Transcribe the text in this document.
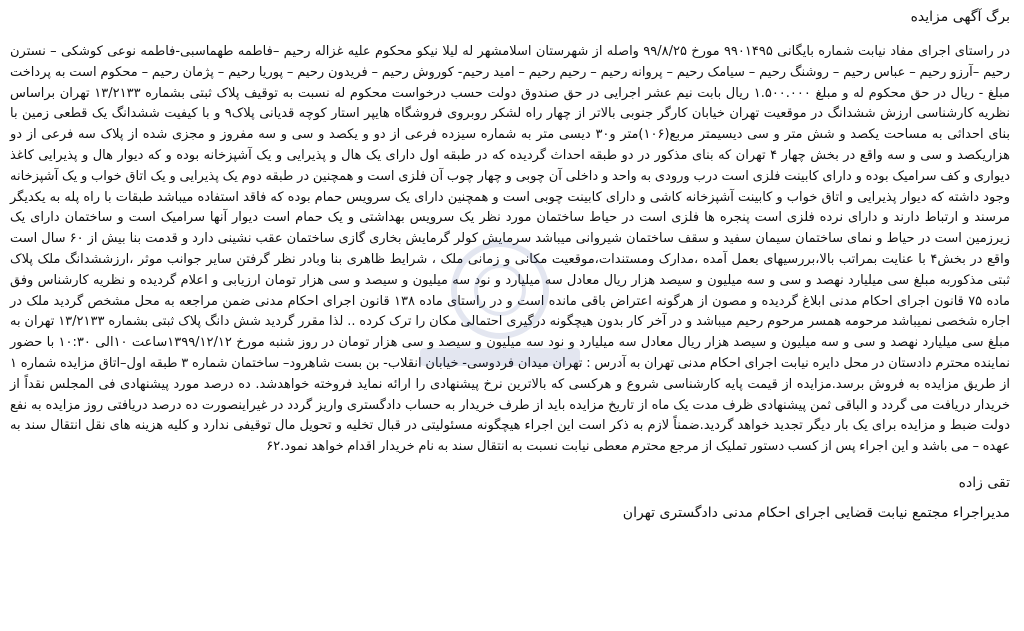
برگ آگهی مزایده

در راستای اجرای مفاد نیابت شماره بایگانی ۹۹۰۱۴۹۵ مورخ ۹۹/۸/۲۵ واصله از شهرستان اسلامشهر له لیلا نیکو محکوم علیه غزاله رحیم –فاطمه طهماسبی-فاطمه نوعی کوشکی – نسترن رحیم –آرزو رحیم – عباس رحیم – روشنگ رحیم – سیامک رحیم – پروانه رحیم – رحیم رحیم – امید رحیم- کوروش رحیم – فریدون رحیم – پوریا رحیم – پژمان رحیم – محکوم است به پرداخت مبلغ - ریال در حق محکوم له و مبلغ ۱.۵۰۰.۰۰۰ ریال بابت نیم عشر اجرایی در حق صندوق دولت حسب درخواست محکوم له نسبت به توقیف پلاک ثبتی بشماره ۱۳/۲۱۳۳ تهران براساس نظریه کارشناسی ارزش ششدانگ در موقعیت تهران خیابان کارگر جنوبی بالاتر از چهار راه لشکر روبروی فروشگاه هایپر استار کوچه قدیانی پلاک۹ و با کیفیت ششدانگ یک قطعی زمین با بنای احداثی به مساحت یکصد و شش متر و سی دیسیمتر مربع(۱۰۶)متر و۳۰ دیسی متر به شماره سیزده فرعی از دو و یکصد و سی و سه مفروز و مجزی شده از پلاک سه فرعی از دو هزاریکصد و سی و سه واقع در بخش چهار ۴ تهران که بنای مذکور در دو طبقه احداث گردیده که در طبقه اول دارای یک هال و پذیرایی و یک آشپزخانه بوده و که دیوار هال و پذیرایی کاغذ دیواری و کف سرامیک بوده و دارای کابینت فلزی است درب ورودی به واحد و داخلی آن چوبی و چهار چوب آن فلزی است و همچنین در طبقه دوم یک پذیرایی و یک اتاق خواب و یک آشپزخانه وجود داشته که دیوار پذیرایی و اتاق خواب و کابینت آشپزخانه کاشی و دارای کابینت چوبی است و همچنین دارای یک سرویس حمام بوده که فاقد استفاده میباشد طبقات با راه پله به یکدیگر مرسند و ارتباط دارند و دارای نرده فلزی است پنجره ها فلزی است در حیاط ساختمان مورد نظر یک سرویس بهداشتی و یک حمام است دیوار آنها سرامیک است و ساختمان دارای یک زیرزمین است در حیاط و نمای ساختمان سیمان سفید و سقف ساختمان شیروانی میباشد سرمایش کولر گرمایش بخاری گازی ساختمان عقب نشینی دارد و قدمت بنا بیش از ۶۰ سال است واقع در بخش۴ با عنایت بمراتب بالا،بررسیهای بعمل آمده ،مدارک ومستندات،موقعیت مکانی و زمانی ملک ، شرایط ظاهری بنا وبادر نظر گرفتن سایر جوانب موثر ،ارزششدانگ ملک پلاک ثبتی مذکوربه مبلغ سی میلیارد نهصد و سی و سه میلیون و سیصد هزار ریال معادل سه میلیارد و نود سه میلیون و سیصد و سی هزار تومان ارزیابی و اعلام گردیده و نظریه کارشناس وفق ماده ۷۵ قانون اجرای احکام مدنی ابلاغ گردیده و مصون از هرگونه اعتراض باقی مانده است و در راستای ماده ۱۳۸ قانون اجرای احکام مدنی ضمن مراجعه به محل مشخص گردید ملک در اجاره شخصی نمیباشد مرحومه همسر مرحوم رحیم میباشد و در آخر کار بدون هیچگونه درگیری احتمالی مکان را ترک کرده .. لذا مقرر گردید شش دانگ پلاک ثبتی بشماره ۱۳/۲۱۳۳ تهران به مبلغ سی میلیارد نهصد و سی و سه میلیون و سیصد هزار ریال معادل سه میلیارد و نود سه میلیون و سیصد و سی هزار تومان در روز شنبه مورخ ۱۳۹۹/۱۲/۱۲ساعت ۱۰الی ۱۰:۳۰ با حضور نماینده محترم دادستان در محل دایره نیابت اجرای احکام مدنی تهران به آدرس : تهران میدان فردوسی- خیابان انقلاب- بن بست شاهرود– ساختمان شماره ۳ طبقه اول–اتاق مزایده شماره ۱ از طریق مزایده به فروش برسد.مزایده از قیمت پایه کارشناسی شروع و هرکسی که بالاترین نرخ پیشنهادی را ارائه نماید فروخته خواهدشد. ده درصد مورد پیشنهادی فی المجلس نقداً از خریدار دریافت می گردد و الباقی ثمن پیشنهادی ظرف مدت یک ماه از تاریخ مزایده باید از طرف خریدار به حساب دادگستری واریز گردد در غیراینصورت ده درصد دریافتی روز مزایده به نفع دولت ضبط و مزایده برای یک بار دیگر تجدید خواهد گردید.ضمناً لازم به ذکر است این اجراء هیچگونه مسئولیتی در قبال تخلیه و تحویل مال توقیفی ندارد و کلیه هزینه های نقل انتقال سند به عهده – می باشد و این اجراء پس از کسب دستور تملیک از مرجع محترم معطی نیابت نسبت به انتقال سند به نام خریدار اقدام خواهد نمود.۶۲

تقی زاده
مدیراجراء مجتمع نیابت قضایی اجرای احکام مدنی دادگستری تهران
